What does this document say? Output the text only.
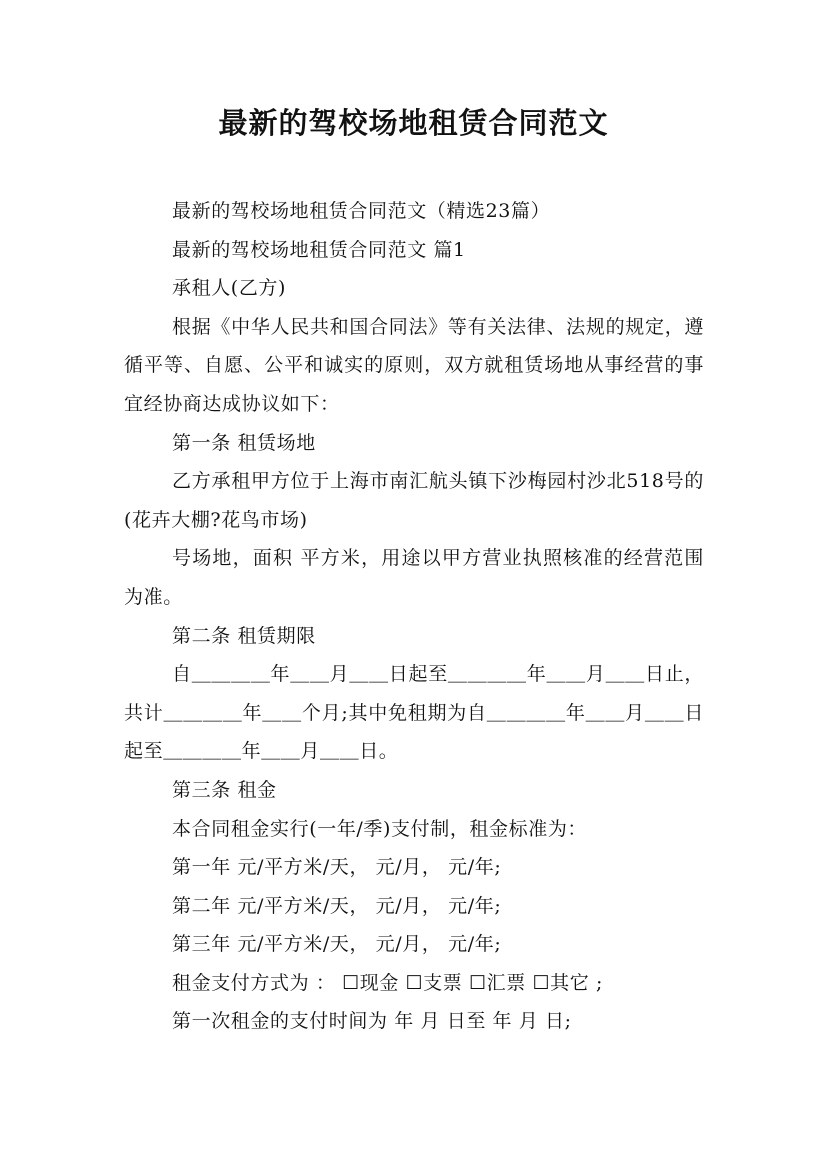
最新的驾校场地租赁合同范文

最新的驾校场地租赁合同范文（精选23篇）

最新的驾校场地租赁合同范文 篇1

承租人(乙方)

根据《中华人民共和国合同法》等有关法律、法规的规定，遵循平等、自愿、公平和诚实的原则，双方就租赁场地从事经营的事宜经协商达成协议如下：

第一条 租赁场地

乙方承租甲方位于上海市南汇航头镇下沙梅园村沙北518号的(花卉大棚?花鸟市场)

号场地，面积 平方米，用途以甲方营业执照核准的经营范围为准。

第二条 租赁期限

自＿＿＿＿年＿＿月＿＿日起至＿＿＿＿年＿＿月＿＿日止，共计＿＿＿＿年＿＿个月;其中免租期为自＿＿＿＿年＿＿月＿＿日起至＿＿＿＿年＿＿月＿＿日。

第三条 租金

本合同租金实行(一年/季)支付制，租金标准为：

第一年 元/平方米/天， 元/月， 元/年;

第二年 元/平方米/天， 元/月， 元/年;

第三年 元/平方米/天， 元/月， 元/年;

租金支付方式为 ： ☐现金 ☐支票 ☐汇票 ☐其它 ;

第一次租金的支付时间为 年 月 日至 年 月 日;
